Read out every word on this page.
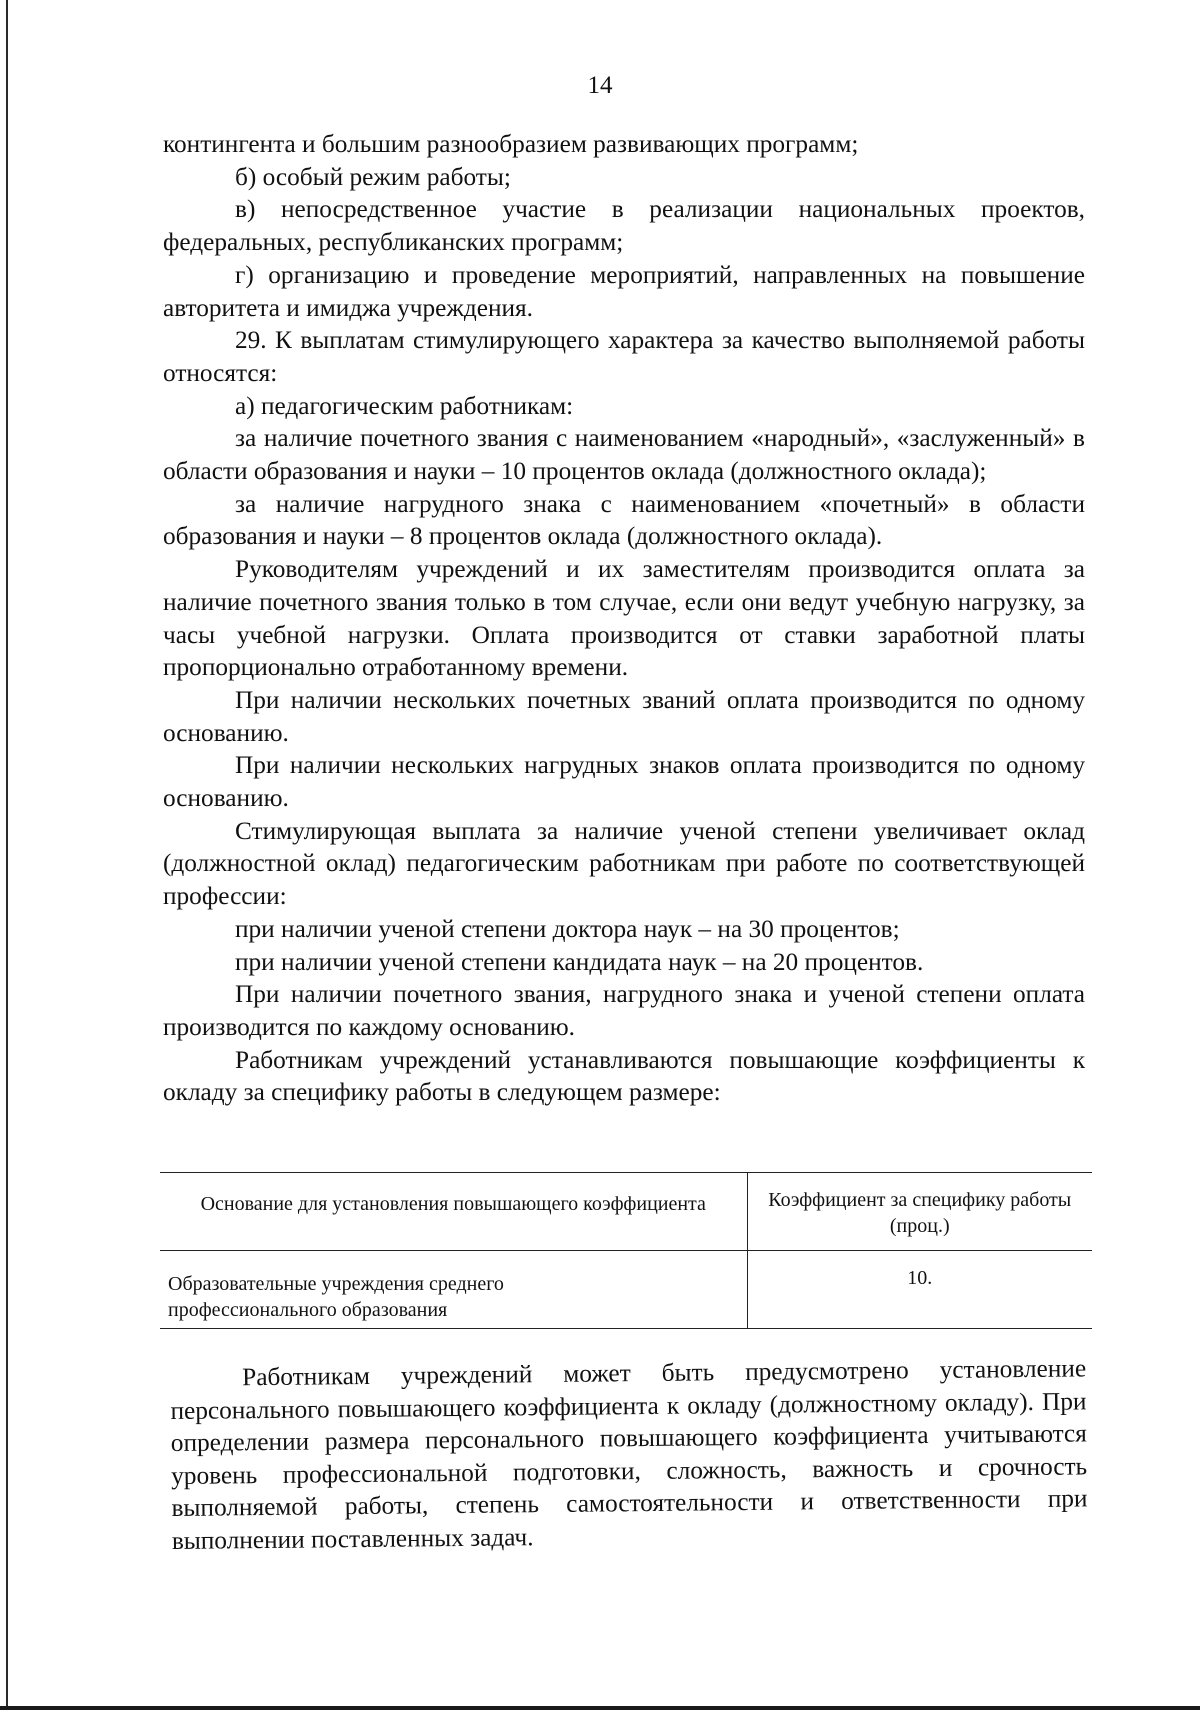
14

контингента и большим разнообразием развивающих программ;

б) особый режим работы;

в) непосредственное участие в реализации национальных проектов, федеральных, республиканских программ;

г) организацию и проведение мероприятий, направленных на повышение авторитета и имиджа учреждения.

29. К выплатам стимулирующего характера за качество выполняемой работы относятся:

а) педагогическим работникам:

за наличие почетного звания с наименованием «народный», «заслуженный» в области образования и науки – 10 процентов оклада (должностного оклада);

за наличие нагрудного знака с наименованием «почетный» в области образования и науки – 8 процентов оклада (должностного оклада).

Руководителям учреждений и их заместителям производится оплата за наличие почетного звания только в том случае, если они ведут учебную нагрузку, за часы учебной нагрузки. Оплата производится от ставки заработной платы пропорционально отработанному времени.

При наличии нескольких почетных званий оплата производится по одному основанию.

При наличии нескольких нагрудных знаков оплата производится по одному основанию.

Стимулирующая выплата за наличие ученой степени увеличивает оклад (должностной оклад) педагогическим работникам при работе по соответствующей профессии:

при наличии ученой степени доктора наук – на 30 процентов;

при наличии ученой степени кандидата наук – на 20 процентов.

При наличии почетного звания, нагрудного знака и ученой степени оплата производится по каждому основанию.

Работникам учреждений устанавливаются повышающие коэффициенты к окладу за специфику работы в следующем размере:

Основание для установления повышающего коэффициента	Коэффициент за специфику работы (проц.)
Образовательные учреждения среднего профессионального образования	10.

Работникам учреждений может быть предусмотрено установление персонального повышающего коэффициента к окладу (должностному окладу). При определении размера персонального повышающего коэффициента учитываются уровень профессиональной подготовки, сложность, важность и срочность выполняемой работы, степень самостоятельности и ответственности при выполнении поставленных задач.
